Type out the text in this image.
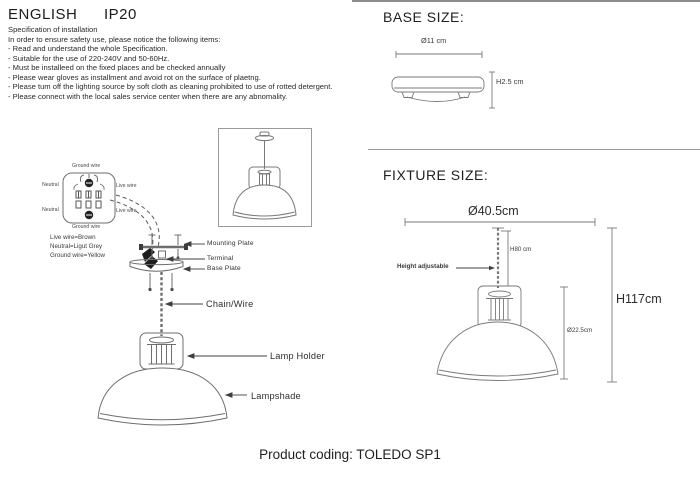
ENGLISH IP20
Specification of installation
In order to ensure safety use, please notice the following items:
- Read and understand the whole Specification.
- Suitable for the use of 220-240V and 50-60Hz.
- Must be installeed on the fixed places and be checked annually
- Please wear gloves as installment and avoid rot on the surface of plaetng.
- Please tum off the lighting source by soft cloth as cleaning prohibited to use of rotted detergent.
- Please connect with the local sales service center when there are any abnomality.
Ground wire
Neutral	Live wire
Neutral	Live wire
Ground wire
Live wire=Brown
Neutral=Ligut Grey
Ground wire=Yellow
Mounting Plate
Terminal
Base Plate
Chain/Wire
Lamp Holder
Lampshade
BASE SIZE:
Ø11 cm
H2.5 cm
FIXTURE SIZE:
Ø40.5cm
H80 cm
Height adjustable
Ø22.5cm
H117cm
Product coding: TOLEDO SP1
